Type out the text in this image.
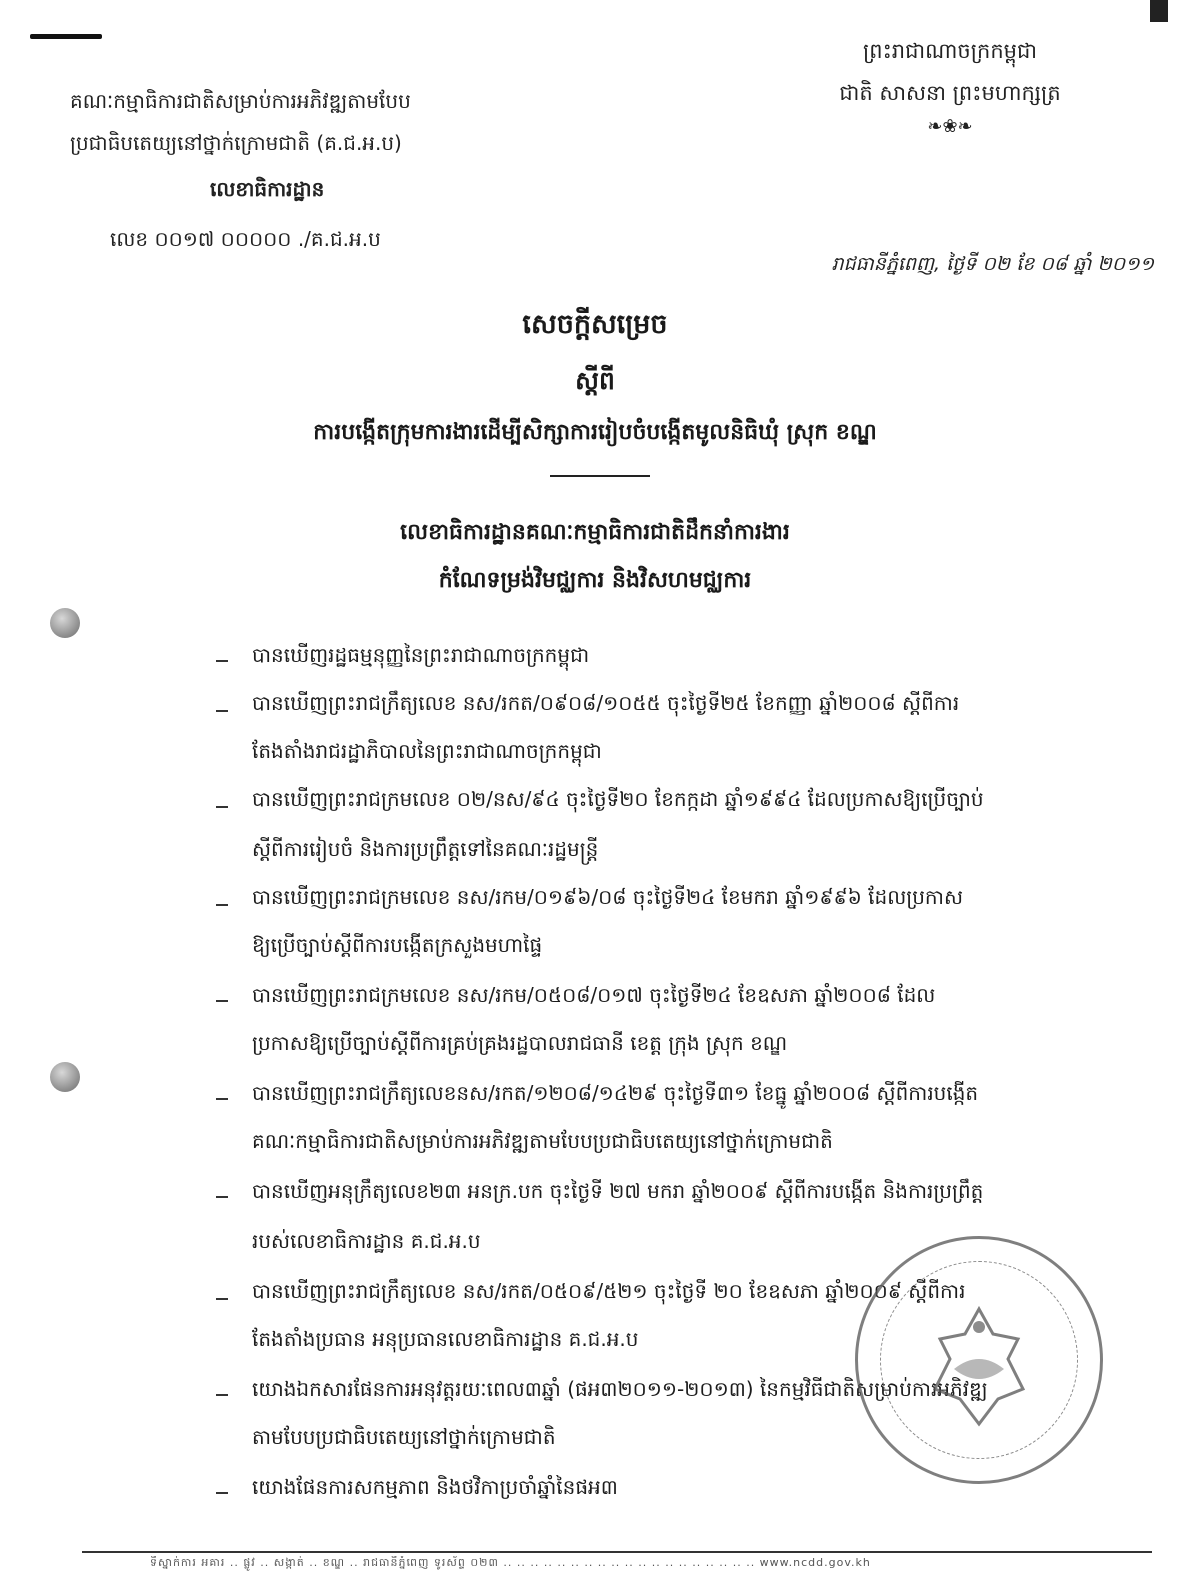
គណៈកម្មាធិការជាតិសម្រាប់ការអភិវឌ្ឍតាមបែប
ប្រជាធិបតេយ្យនៅថ្នាក់ក្រោមជាតិ (គ.ជ.អ.ប)
លេខាធិការដ្ឋាន
លេខ ០០១៧ ០០០០០ ./គ.ជ.អ.ប
ព្រះរាជាណាចក្រកម្ពុជា
ជាតិ សាសនា ព្រះមហាក្សត្រ
❧❀❧
រាជធានីភ្នំពេញ, ថ្ងៃទី ០២ ខែ ០៨ ឆ្នាំ ២០១១
សេចក្តីសម្រេច
ស្តីពី
ការបង្កើតក្រុមការងារដើម្បីសិក្សាការរៀបចំបង្កើតមូលនិធិឃុំ ស្រុក ខណ្ឌ
លេខាធិការដ្ឋានគណៈកម្មាធិការជាតិដឹកនាំការងារ
កំណែទម្រង់វិមជ្ឈការ និងវិសហមជ្ឈការ
បានឃើញរដ្ឋធម្មនុញ្ញនៃព្រះរាជាណាចក្រកម្ពុជា
បានឃើញព្រះរាជក្រឹត្យលេខ នស/រកត/០៩០៨/១០៥៥ ចុះថ្ងៃទី២៥ ខែកញ្ញា ឆ្នាំ២០០៨ ស្តីពីការ
តែងតាំងរាជរដ្ឋាភិបាលនៃព្រះរាជាណាចក្រកម្ពុជា
បានឃើញព្រះរាជក្រមលេខ ០២/នស/៩៤ ចុះថ្ងៃទី២០ ខែកក្កដា ឆ្នាំ១៩៩៤ ដែលប្រកាសឱ្យប្រើច្បាប់
ស្តីពីការរៀបចំ និងការប្រព្រឹត្តទៅនៃគណៈរដ្ឋមន្ត្រី
បានឃើញព្រះរាជក្រមលេខ នស/រកម/០១៩៦/០៨ ចុះថ្ងៃទី២៤ ខែមករា ឆ្នាំ១៩៩៦ ដែលប្រកាស
ឱ្យប្រើច្បាប់ស្តីពីការបង្កើតក្រសួងមហាផ្ទៃ
បានឃើញព្រះរាជក្រមលេខ នស/រកម/០៥០៨/០១៧ ចុះថ្ងៃទី២៤ ខែឧសភា ឆ្នាំ២០០៨ ដែល
ប្រកាសឱ្យប្រើច្បាប់ស្តីពីការគ្រប់គ្រងរដ្ឋបាលរាជធានី ខេត្ត ក្រុង ស្រុក ខណ្ឌ
បានឃើញព្រះរាជក្រឹត្យលេខនស/រកត/១២០៨/១៤២៩ ចុះថ្ងៃទី៣១ ខែធ្នូ ឆ្នាំ២០០៨ ស្តីពីការបង្កើត
គណៈកម្មាធិការជាតិសម្រាប់ការអភិវឌ្ឍតាមបែបប្រជាធិបតេយ្យនៅថ្នាក់ក្រោមជាតិ
បានឃើញអនុក្រឹត្យលេខ២៣ អនក្រ.បក ចុះថ្ងៃទី ២៧ មករា ឆ្នាំ២០០៩ ស្តីពីការបង្កើត និងការប្រព្រឹត្ត
របស់លេខាធិការដ្ឋាន គ.ជ.អ.ប
បានឃើញព្រះរាជក្រឹត្យលេខ នស/រកត/០៥០៩/៥២១ ចុះថ្ងៃទី ២០ ខែឧសភា ឆ្នាំ២០០៩ ស្តីពីការ
តែងតាំងប្រធាន អនុប្រធានលេខាធិការដ្ឋាន គ.ជ.អ.ប
យោងឯកសារផែនការអនុវត្តរយៈពេល៣ឆ្នាំ (ផអ៣២០១១-២០១៣) នៃកម្មវិធីជាតិសម្រាប់ការអភិវឌ្ឍ
តាមបែបប្រជាធិបតេយ្យនៅថ្នាក់ក្រោមជាតិ
យោងផែនការសកម្មភាព និងថវិកាប្រចាំឆ្នាំនៃផអ៣
ទីស្នាក់ការ អគារ .. ផ្លូវ .. សង្កាត់ .. ខណ្ឌ .. រាជធានីភ្នំពេញ ទូរស័ព្ទ ០២៣ .. .. .. .. .. .. .. .. .. .. .. .. .. .. .. .. .. .. .. www.ncdd.gov.kh
